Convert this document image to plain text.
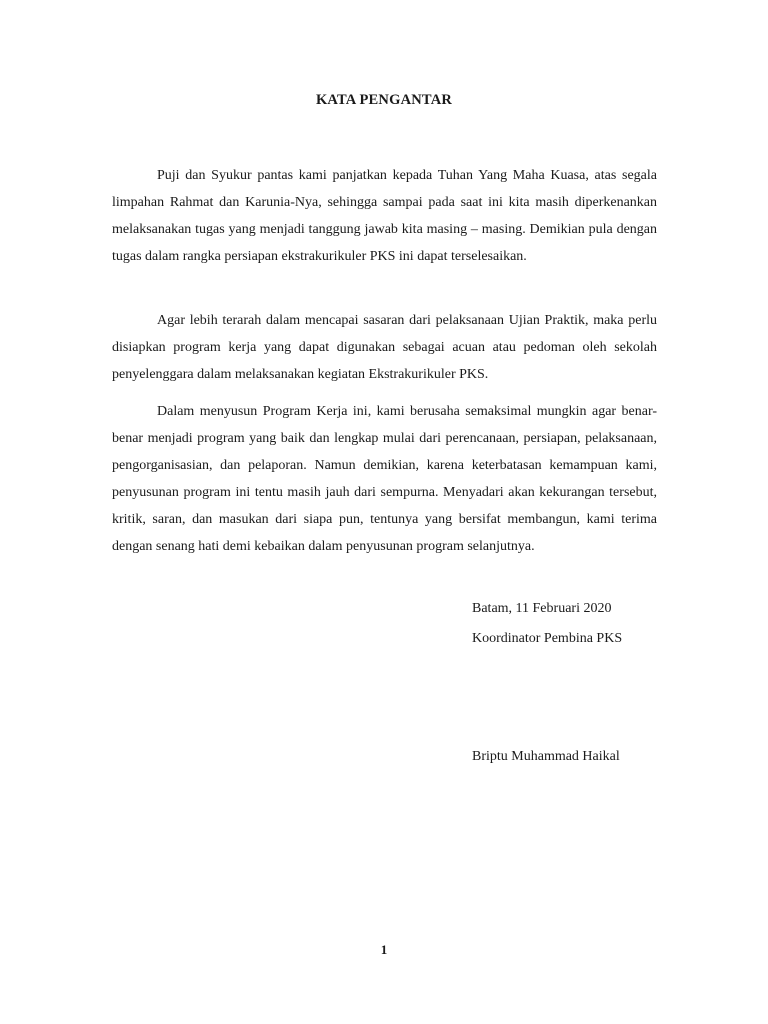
KATA PENGANTAR

Puji dan Syukur pantas kami panjatkan kepada Tuhan Yang Maha Kuasa, atas segala limpahan Rahmat dan Karunia-Nya, sehingga sampai pada saat ini kita masih diperkenankan melaksanakan tugas yang menjadi tanggung jawab kita masing – masing. Demikian pula dengan tugas dalam rangka persiapan ekstrakurikuler PKS ini dapat terselesaikan.

Agar lebih terarah dalam mencapai sasaran dari pelaksanaan Ujian Praktik, maka perlu disiapkan program kerja yang dapat digunakan sebagai acuan atau pedoman oleh sekolah penyelenggara dalam melaksanakan kegiatan Ekstrakurikuler PKS.

Dalam menyusun Program Kerja ini, kami berusaha semaksimal mungkin agar benar- benar menjadi program yang baik dan lengkap mulai dari perencanaan, persiapan, pelaksanaan, pengorganisasian, dan pelaporan. Namun demikian, karena keterbatasan kemampuan kami, penyusunan program ini tentu masih jauh dari sempurna. Menyadari akan kekurangan tersebut, kritik, saran, dan masukan dari siapa pun, tentunya yang bersifat membangun, kami terima dengan senang hati demi kebaikan dalam penyusunan program selanjutnya.

Batam, 11 Februari 2020
Koordinator Pembina PKS
Briptu Muhammad Haikal
1
